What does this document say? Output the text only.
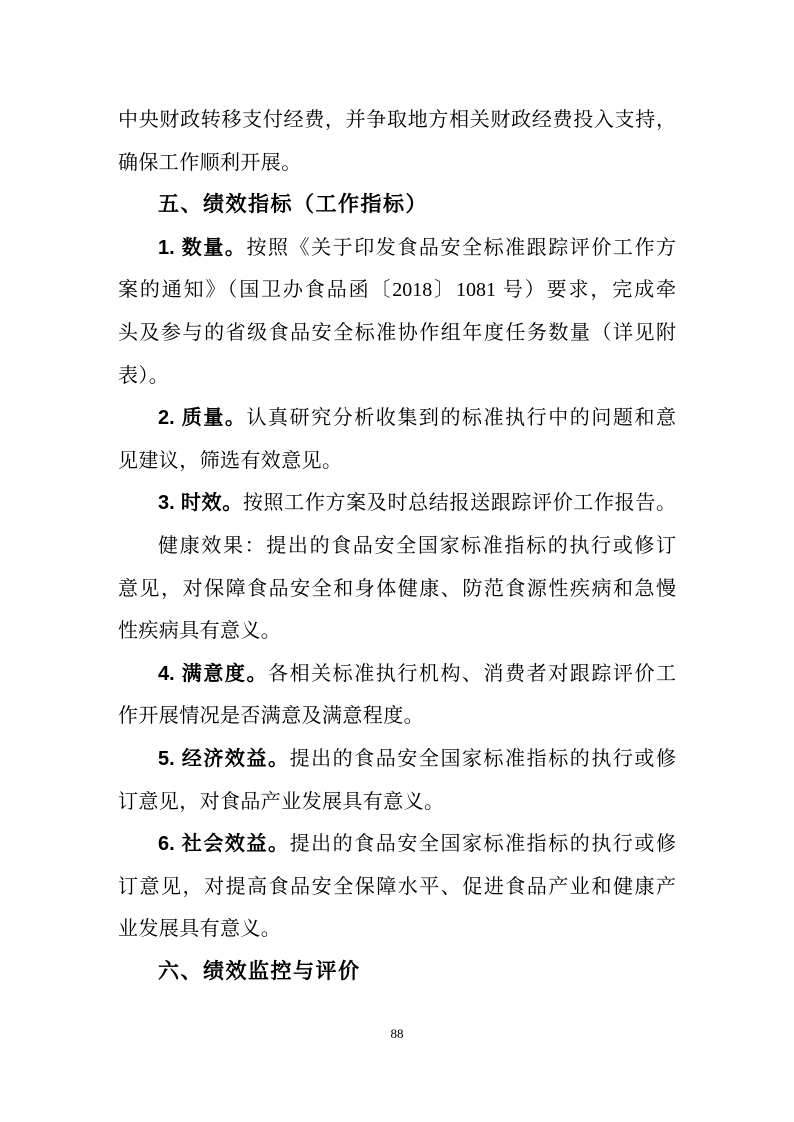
中央财政转移支付经费，并争取地方相关财政经费投入支持，
确保工作顺利开展。
五、绩效指标（工作指标）
1. 数量。按照《关于印发食品安全标准跟踪评价工作方
案的通知》（国卫办食品函〔2018〕1081 号）要求，完成牵
头及参与的省级食品安全标准协作组年度任务数量（详见附
表）。
2. 质量。认真研究分析收集到的标准执行中的问题和意
见建议，筛选有效意见。
3. 时效。按照工作方案及时总结报送跟踪评价工作报告。
健康效果：提出的食品安全国家标准指标的执行或修订
意见，对保障食品安全和身体健康、防范食源性疾病和急慢
性疾病具有意义。
4. 满意度。各相关标准执行机构、消费者对跟踪评价工
作开展情况是否满意及满意程度。
5. 经济效益。提出的食品安全国家标准指标的执行或修
订意见，对食品产业发展具有意义。
6. 社会效益。提出的食品安全国家标准指标的执行或修
订意见，对提高食品安全保障水平、促进食品产业和健康产
业发展具有意义。
六、绩效监控与评价
88
